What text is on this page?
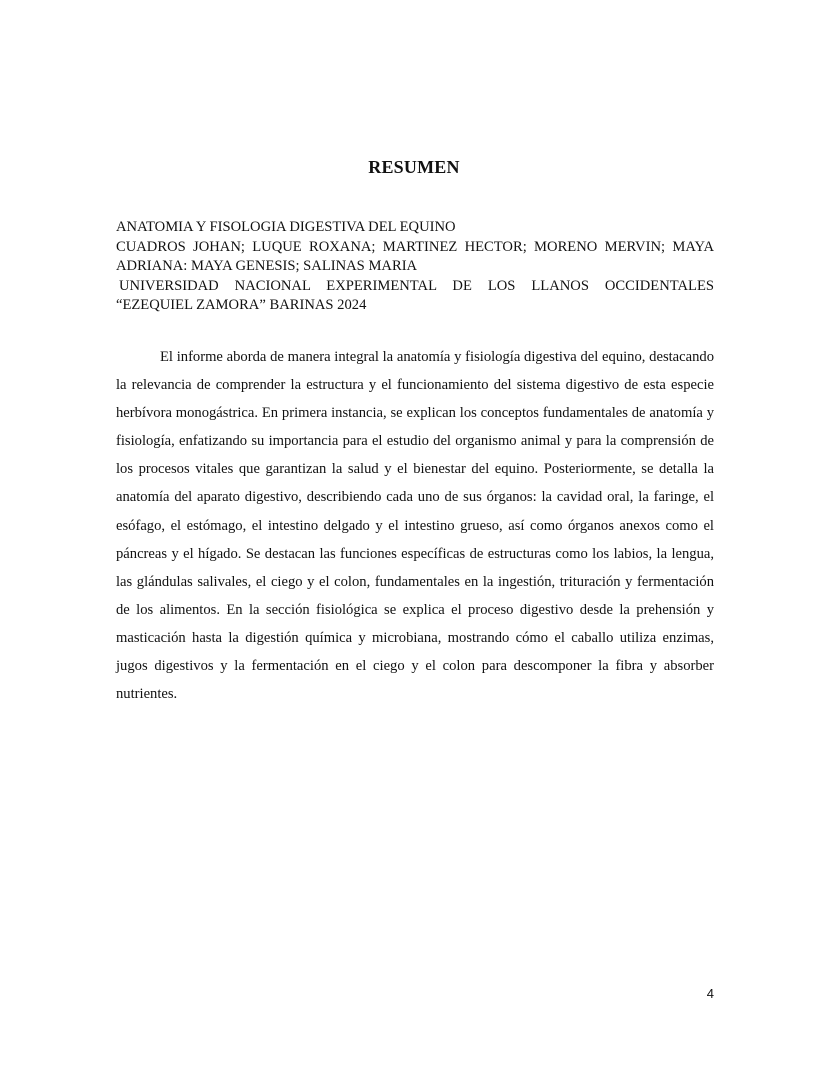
RESUMEN
ANATOMIA Y FISOLOGIA DIGESTIVA DEL EQUINO
CUADROS JOHAN; LUQUE ROXANA; MARTINEZ HECTOR; MORENO MERVIN; MAYA
ADRIANA: MAYA GENESIS; SALINAS MARIA
UNIVERSIDAD NACIONAL EXPERIMENTAL DE LOS LLANOS OCCIDENTALES
“EZEQUIEL ZAMORA” BARINAS 2024

El informe aborda de manera integral la anatomía y fisiología digestiva del equino, destacando la relevancia de comprender la estructura y el funcionamiento del sistema digestivo de esta especie herbívora monogástrica. En primera instancia, se explican los conceptos fundamentales de anatomía y fisiología, enfatizando su importancia para el estudio del organismo animal y para la comprensión de los procesos vitales que garantizan la salud y el bienestar del equino. Posteriormente, se detalla la anatomía del aparato digestivo, describiendo cada uno de sus órganos: la cavidad oral, la faringe, el esófago, el estómago, el intestino delgado y el intestino grueso, así como órganos anexos como el páncreas y el hígado. Se destacan las funciones específicas de estructuras como los labios, la lengua, las glándulas salivales, el ciego y el colon, fundamentales en la ingestión, trituración y fermentación de los alimentos. En la sección fisiológica se explica el proceso digestivo desde la prehensión y masticación hasta la digestión química y microbiana, mostrando cómo el caballo utiliza enzimas, jugos digestivos y la fermentación en el ciego y el colon para descomponer la fibra y absorber nutrientes.

4
